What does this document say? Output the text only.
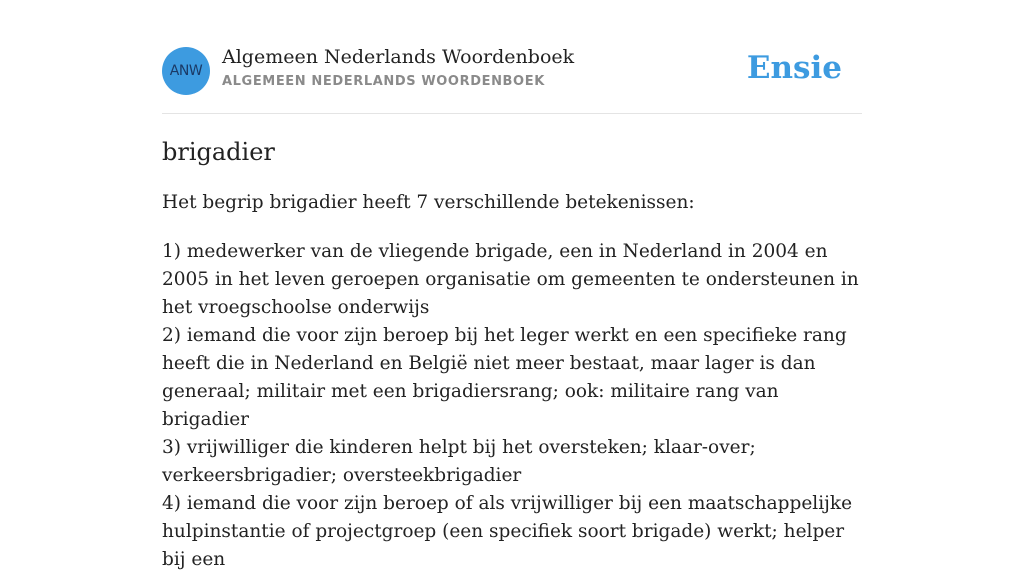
ANW
Algemeen Nederlands Woordenboek
ALGEMEEN NEDERLANDS WOORDENBOEK	Ensie
brigadier

Het begrip brigadier heeft 7 verschillende betekenissen:

1) medewerker van de vliegende brigade, een in Nederland in 2004 en 2005 in het leven geroepen organisatie om gemeenten te ondersteunen in het vroegschoolse onderwijs
2) iemand die voor zijn beroep bij het leger werkt en een specifieke rang heeft die in Nederland en België niet meer bestaat, maar lager is dan generaal; militair met een brigadiersrang; ook: militaire rang van brigadier
3) vrijwilliger die kinderen helpt bij het oversteken; klaar-over; verkeersbrigadier; oversteekbrigadier
4) iemand die voor zijn beroep of als vrijwilliger bij een maatschappelijke hulpinstantie of projectgroep (een specifiek soort brigade) werkt; helper bij een
